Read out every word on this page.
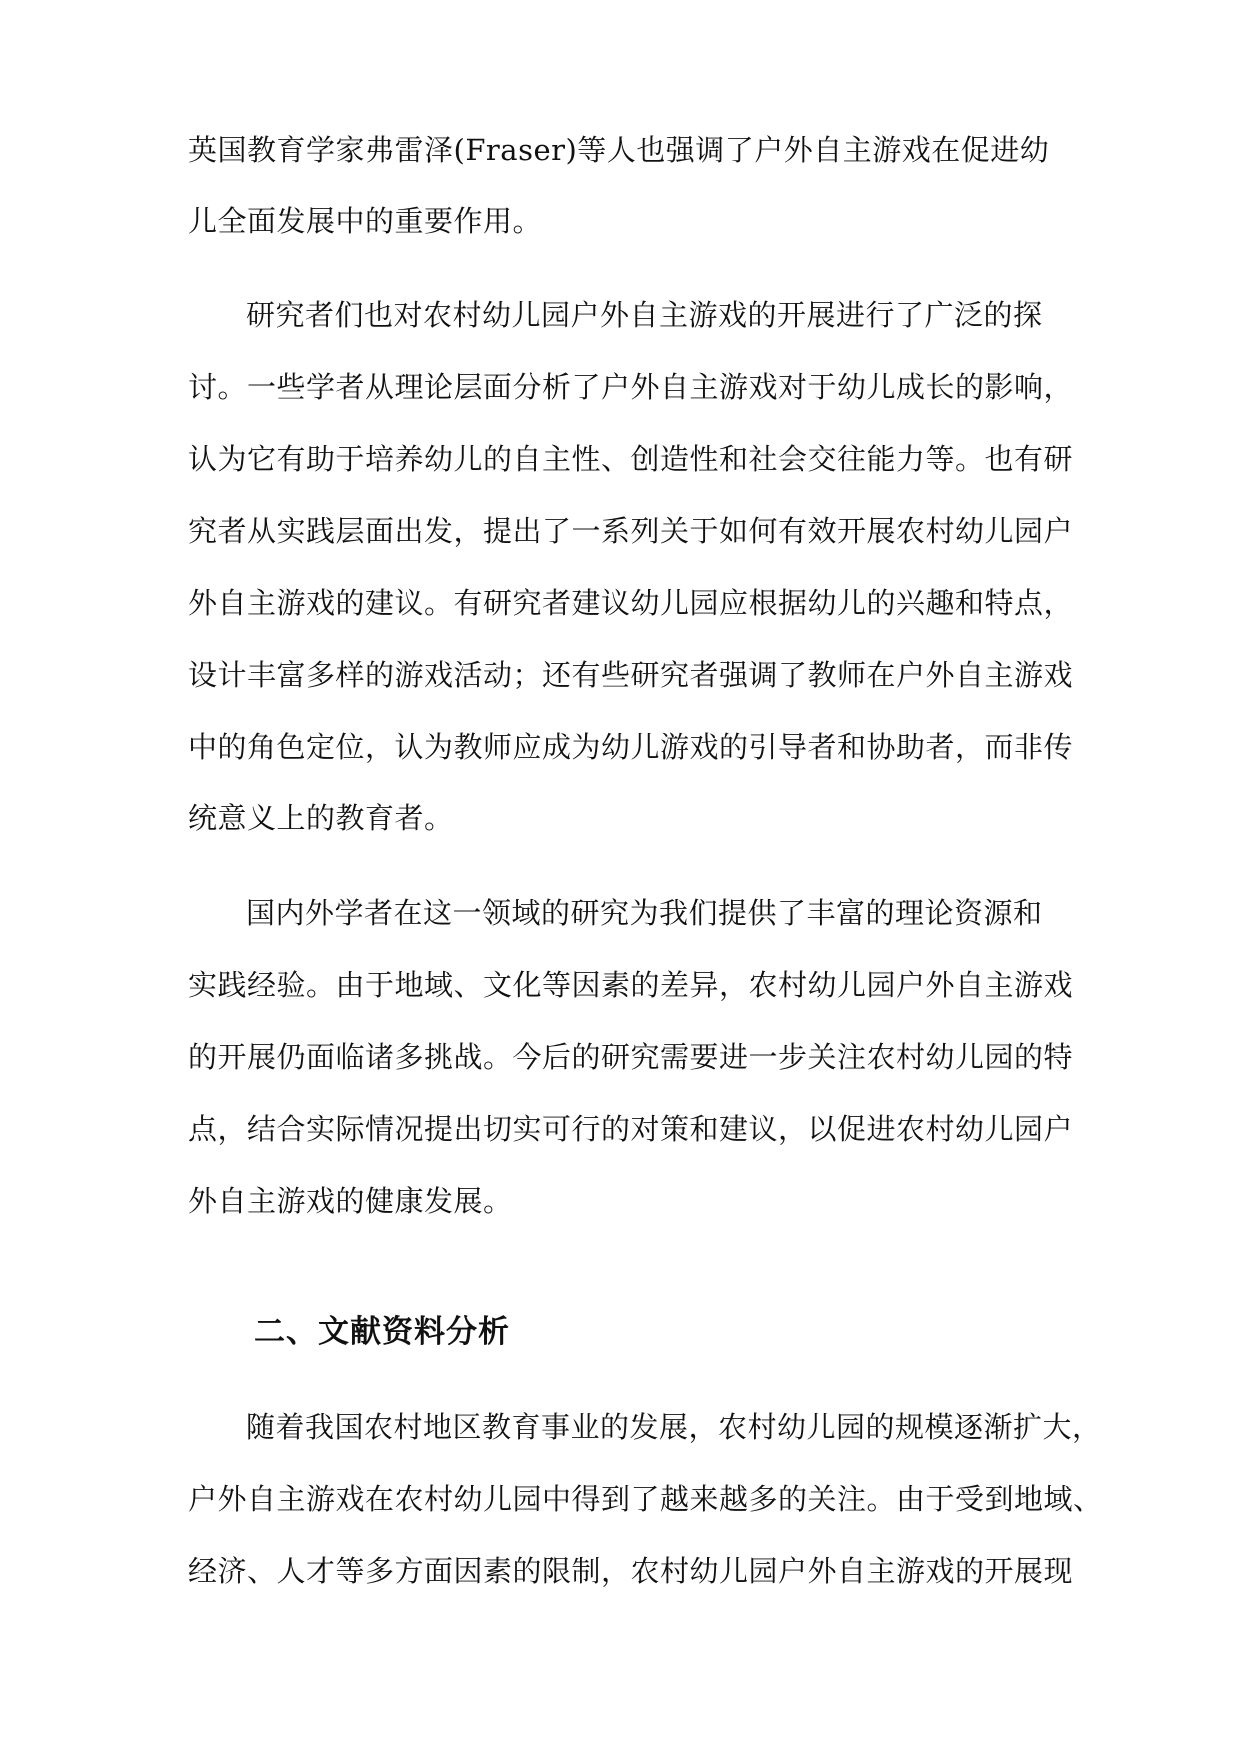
英国教育学家弗雷泽(Fraser)等人也强调了户外自主游戏在促进幼
儿全面发展中的重要作用。
研究者们也对农村幼儿园户外自主游戏的开展进行了广泛的探
讨。一些学者从理论层面分析了户外自主游戏对于幼儿成长的影响，
认为它有助于培养幼儿的自主性、创造性和社会交往能力等。也有研
究者从实践层面出发，提出了一系列关于如何有效开展农村幼儿园户
外自主游戏的建议。有研究者建议幼儿园应根据幼儿的兴趣和特点，
设计丰富多样的游戏活动；还有些研究者强调了教师在户外自主游戏
中的角色定位，认为教师应成为幼儿游戏的引导者和协助者，而非传
统意义上的教育者。
国内外学者在这一领域的研究为我们提供了丰富的理论资源和
实践经验。由于地域、文化等因素的差异，农村幼儿园户外自主游戏
的开展仍面临诸多挑战。今后的研究需要进一步关注农村幼儿园的特
点，结合实际情况提出切实可行的对策和建议，以促进农村幼儿园户
外自主游戏的健康发展。
二、文献资料分析
随着我国农村地区教育事业的发展，农村幼儿园的规模逐渐扩大，
户外自主游戏在农村幼儿园中得到了越来越多的关注。由于受到地域、
经济、人才等多方面因素的限制，农村幼儿园户外自主游戏的开展现
